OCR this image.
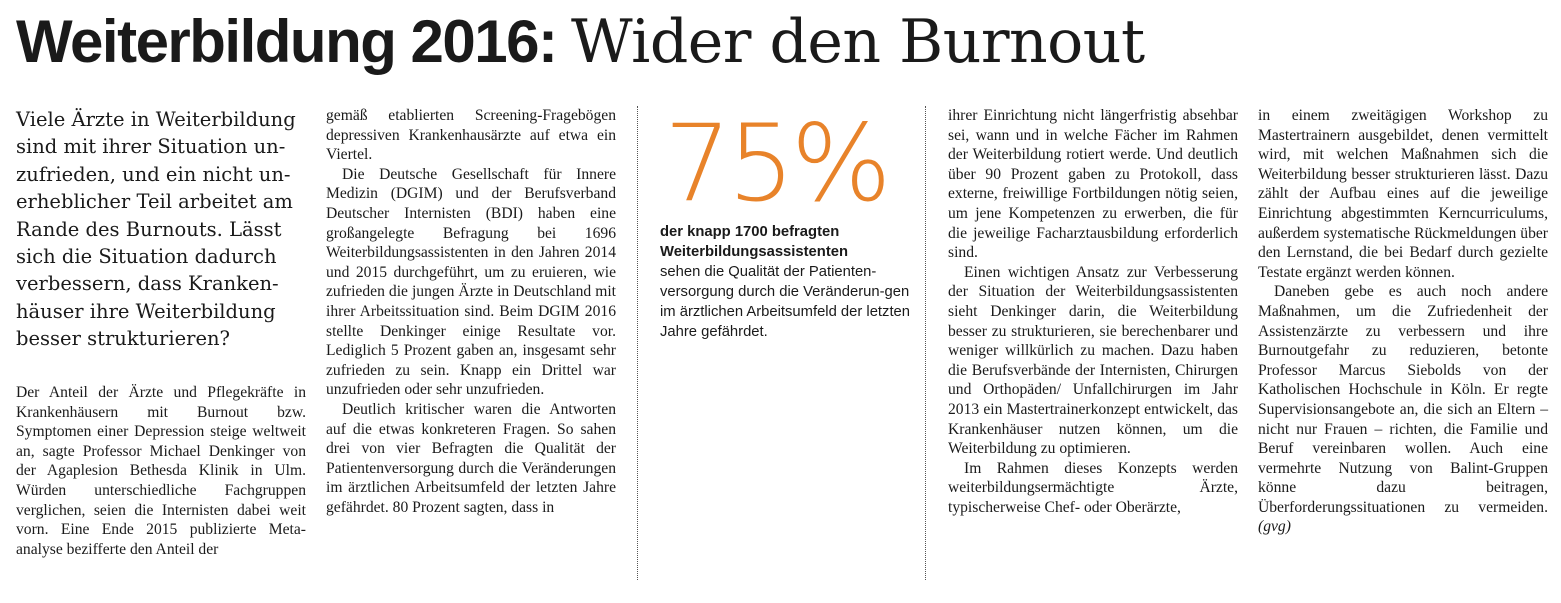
Weiterbildung 2016: Wider den Burnout
Viele Ärzte in Weiterbildung sind mit ihrer Situation un-zufrieden, und ein nicht un-erheblicher Teil arbeitet am Rande des Burnouts. Lässt sich die Situation dadurch verbessern, dass Kranken-häuser ihre Weiterbildung besser strukturieren?

Der Anteil der Ärzte und Pflegekräfte in Krankenhäusern mit Burnout bzw. Symptomen einer Depression steige weltweit an, sagte Professor Michael Denkinger von der Agaplesion Bethesda Klinik in Ulm. Würden unterschiedliche Fachgruppen verglichen, seien die Internisten dabei weit vorn. Eine Ende 2015 publizierte Meta-analyse bezifferte den Anteil der

gemäß etablierten Screening-Fragebögen depressiven Krankenhausärzte auf etwa ein Viertel.

Die Deutsche Gesellschaft für Innere Medizin (DGIM) und der Berufsverband Deutscher Internisten (BDI) haben eine großangelegte Befragung bei 1696 Weiterbildungsassistenten in den Jahren 2014 und 2015 durchgeführt, um zu eruieren, wie zufrieden die jungen Ärzte in Deutschland mit ihrer Arbeitssituation sind. Beim DGIM 2016 stellte Denkinger einige Resultate vor. Lediglich 5 Prozent gaben an, insgesamt sehr zufrieden zu sein. Knapp ein Drittel war unzufrieden oder sehr unzufrieden.

Deutlich kritischer waren die Antworten auf die etwas konkreteren Fragen. So sahen drei von vier Befragten die Qualität der Patientenversorgung durch die Veränderungen im ärztlichen Arbeitsumfeld der letzten Jahre gefährdet. 80 Prozent sagten, dass in

75%
der knapp 1700 befragten
Weiterbildungsassistenten
sehen die Qualität der Patienten-versorgung durch die Veränderun-gen im ärztlichen Arbeitsumfeld der letzten Jahre gefährdet.

ihrer Einrichtung nicht längerfristig absehbar sei, wann und in welche Fächer im Rahmen der Weiterbildung rotiert werde. Und deutlich über 90 Prozent gaben zu Protokoll, dass externe, freiwillige Fortbildungen nötig seien, um jene Kompetenzen zu erwerben, die für die jeweilige Facharztausbildung erforderlich sind.

Einen wichtigen Ansatz zur Verbesserung der Situation der Weiterbildungsassistenten sieht Denkinger darin, die Weiterbildung besser zu strukturieren, sie berechenbarer und weniger willkürlich zu machen. Dazu haben die Berufsverbände der Internisten, Chirurgen und Orthopäden/ Unfallchirurgen im Jahr 2013 ein Mastertrainerkonzept entwickelt, das Krankenhäuser nutzen können, um die Weiterbildung zu optimieren.

Im Rahmen dieses Konzepts werden weiterbildungsermächtigte Ärzte, typischerweise Chef- oder Oberärzte,

in einem zweitägigen Workshop zu Mastertrainern ausgebildet, denen vermittelt wird, mit welchen Maßnahmen sich die Weiterbildung besser strukturieren lässt. Dazu zählt der Aufbau eines auf die jeweilige Einrichtung abgestimmten Kerncurriculums, außerdem systematische Rückmeldungen über den Lernstand, die bei Bedarf durch gezielte Testate ergänzt werden können.

Daneben gebe es auch noch andere Maßnahmen, um die Zufriedenheit der Assistenzärzte zu verbessern und ihre Burnoutgefahr zu reduzieren, betonte Professor Marcus Siebolds von der Katholischen Hochschule in Köln. Er regte Supervisionsangebote an, die sich an Eltern – nicht nur Frauen – richten, die Familie und Beruf vereinbaren wollen. Auch eine vermehrte Nutzung von Balint-Gruppen könne dazu beitragen, Überforderungssituationen zu vermeiden. (gvg)
